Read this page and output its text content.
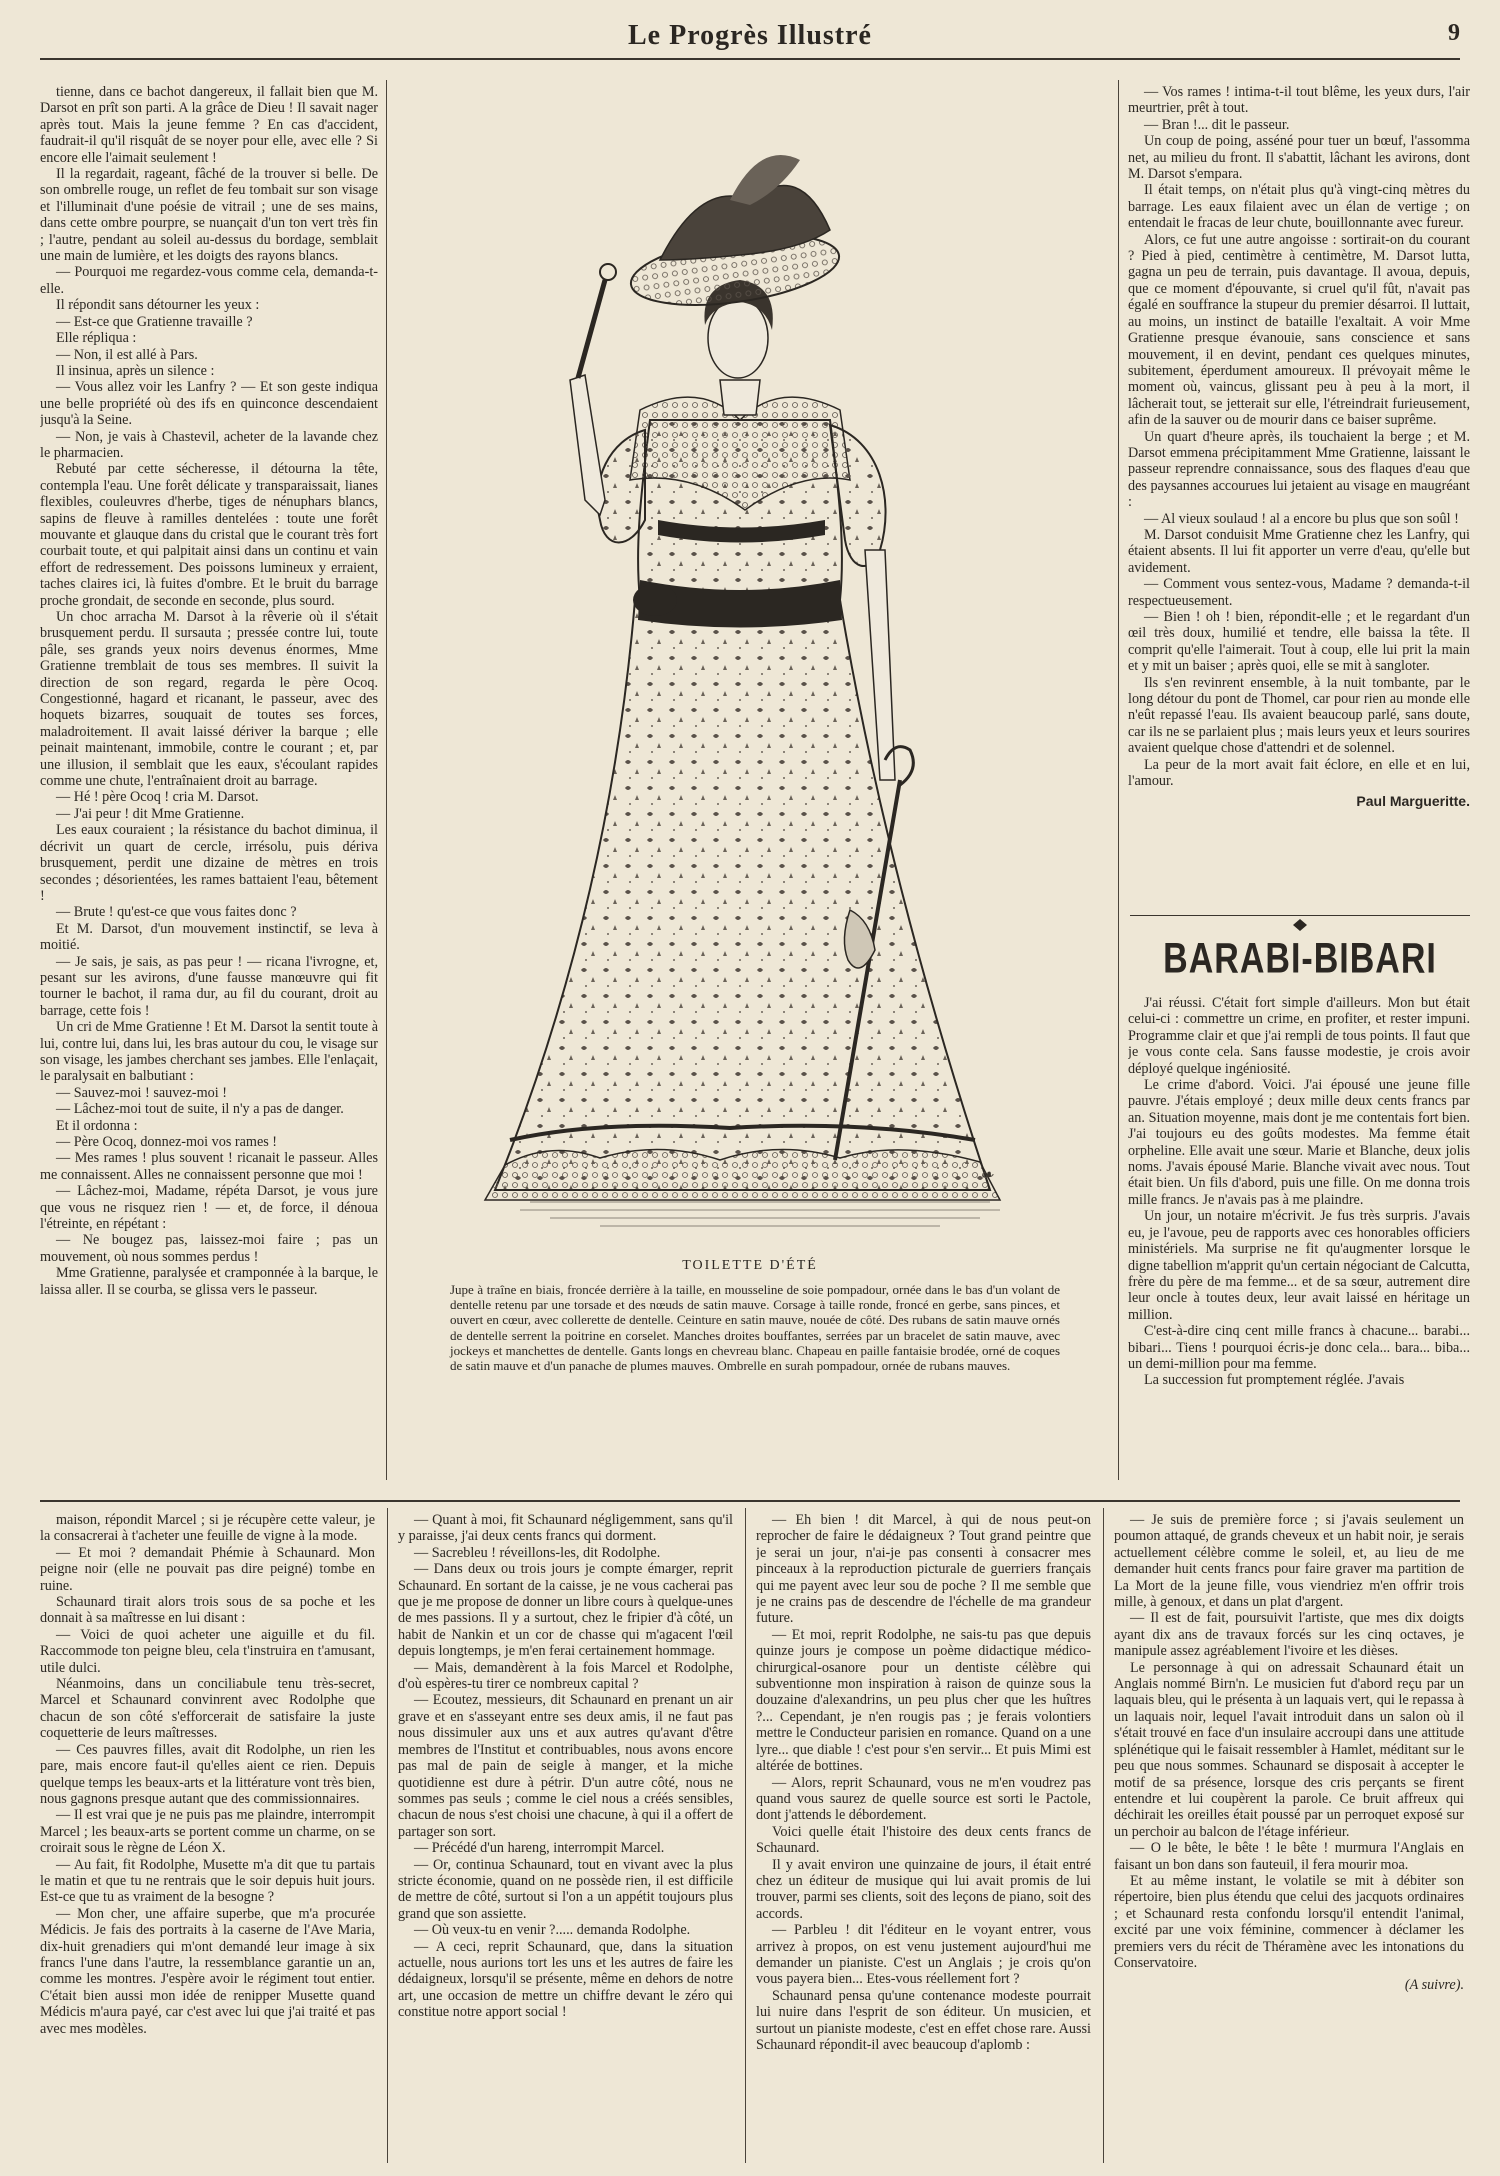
Le Progrès Illustré	9

tienne, dans ce bachot dangereux, il fallait bien que M. Darsot en prît son parti. A la grâce de Dieu ! Il savait nager après tout. Mais la jeune femme ? En cas d'accident, faudrait-il qu'il risquât de se noyer pour elle, avec elle ? Si encore elle l'aimait seulement !

Il la regardait, rageant, fâché de la trouver si belle. De son ombrelle rouge, un reflet de feu tombait sur son visage et l'illuminait d'une poésie de vitrail ; une de ses mains, dans cette ombre pourpre, se nuançait d'un ton vert très fin ; l'autre, pendant au soleil au-dessus du bordage, semblait une main de lumière, et les doigts des rayons blancs.

— Pourquoi me regardez-vous comme cela, demanda-t-elle.

Il répondit sans détourner les yeux :

— Est-ce que Gratienne travaille ?

Elle répliqua :

— Non, il est allé à Pars.

Il insinua, après un silence :

— Vous allez voir les Lanfry ? — Et son geste indiqua une belle propriété où des ifs en quinconce descendaient jusqu'à la Seine.

— Non, je vais à Chastevil, acheter de la lavande chez le pharmacien.

Rebuté par cette sécheresse, il détourna la tête, contempla l'eau. Une forêt délicate y transparaissait, lianes flexibles, couleuvres d'herbe, tiges de nénuphars blancs, sapins de fleuve à ramilles dentelées : toute une forêt mouvante et glauque dans du cristal que le courant très fort courbait toute, et qui palpitait ainsi dans un continu et vain effort de redressement. Des poissons lumineux y erraient, taches claires ici, là fuites d'ombre. Et le bruit du barrage proche grondait, de seconde en seconde, plus sourd.

Un choc arracha M. Darsot à la rêverie où il s'était brusquement perdu. Il sursauta ; pressée contre lui, toute pâle, ses grands yeux noirs devenus énormes, Mme Gratienne tremblait de tous ses membres. Il suivit la direction de son regard, regarda le père Ocoq. Congestionné, hagard et ricanant, le passeur, avec des hoquets bizarres, souquait de toutes ses forces, maladroitement. Il avait laissé dériver la barque ; elle peinait maintenant, immobile, contre le courant ; et, par une illusion, il semblait que les eaux, s'écoulant rapides comme une chute, l'entraînaient droit au barrage.

— Hé ! père Ocoq ! cria M. Darsot.

— J'ai peur ! dit Mme Gratienne.

Les eaux couraient ; la résistance du bachot diminua, il décrivit un quart de cercle, irrésolu, puis dériva brusquement, perdit une dizaine de mètres en trois secondes ; désorientées, les rames battaient l'eau, bêtement !

— Brute ! qu'est-ce que vous faites donc ?

Et M. Darsot, d'un mouvement instinctif, se leva à moitié.

— Je sais, je sais, as pas peur ! — ricana l'ivrogne, et, pesant sur les avirons, d'une fausse manœuvre qui fit tourner le bachot, il rama dur, au fil du courant, droit au barrage, cette fois !

Un cri de Mme Gratienne ! Et M. Darsot la sentit toute à lui, contre lui, dans lui, les bras autour du cou, le visage sur son visage, les jambes cherchant ses jambes. Elle l'enlaçait, le paralysait en balbutiant :

— Sauvez-moi ! sauvez-moi !

— Lâchez-moi tout de suite, il n'y a pas de danger.

Et il ordonna :

— Père Ocoq, donnez-moi vos rames !

— Mes rames ! plus souvent ! ricanait le passeur. Alles me connaissent. Alles ne connaissent personne que moi !

— Lâchez-moi, Madame, répéta Darsot, je vous jure que vous ne risquez rien ! — et, de force, il dénoua l'étreinte, en répétant :

— Ne bougez pas, laissez-moi faire ; pas un mouvement, où nous sommes perdus !

Mme Gratienne, paralysée et cramponnée à la barque, le laissa aller. Il se courba, se glissa vers le passeur.

❧
TOILETTE D'ÉTÉ
Jupe à traîne en biais, froncée derrière à la taille, en mousseline de soie pompadour, ornée dans le bas d'un volant de dentelle retenu par une torsade et des nœuds de satin mauve. Corsage à taille ronde, froncé en gerbe, sans pinces, et ouvert en cœur, avec collerette de dentelle. Ceinture en satin mauve, nouée de côté. Des rubans de satin mauve ornés de dentelle serrent la poitrine en corselet. Manches droites bouffantes, serrées par un bracelet de satin mauve, avec jockeys et manchettes de dentelle. Gants longs en chevreau blanc. Chapeau en paille fantaisie brodée, orné de coques de satin mauve et d'un panache de plumes mauves. Ombrelle en surah pompadour, ornée de rubans mauves.

— Vos rames ! intima-t-il tout blême, les yeux durs, l'air meurtrier, prêt à tout.

— Bran !... dit le passeur.

Un coup de poing, asséné pour tuer un bœuf, l'assomma net, au milieu du front. Il s'abattit, lâchant les avirons, dont M. Darsot s'empara.

Il était temps, on n'était plus qu'à vingt-cinq mètres du barrage. Les eaux filaient avec un élan de vertige ; on entendait le fracas de leur chute, bouillonnante avec fureur.

Alors, ce fut une autre angoisse : sortirait-on du courant ? Pied à pied, centimètre à centimètre, M. Darsot lutta, gagna un peu de terrain, puis davantage. Il avoua, depuis, que ce moment d'épouvante, si cruel qu'il fût, n'avait pas égalé en souffrance la stupeur du premier désarroi. Il luttait, au moins, un instinct de bataille l'exaltait. A voir Mme Gratienne presque évanouie, sans conscience et sans mouvement, il en devint, pendant ces quelques minutes, subitement, éperdument amoureux. Il prévoyait même le moment où, vaincus, glissant peu à peu à la mort, il lâcherait tout, se jetterait sur elle, l'étreindrait furieusement, afin de la sauver ou de mourir dans ce baiser suprême.

Un quart d'heure après, ils touchaient la berge ; et M. Darsot emmena précipitamment Mme Gratienne, laissant le passeur reprendre connaissance, sous des flaques d'eau que des paysannes accourues lui jetaient au visage en maugréant :

— Al vieux soulaud ! al a encore bu plus que son soûl !

M. Darsot conduisit Mme Gratienne chez les Lanfry, qui étaient absents. Il lui fit apporter un verre d'eau, qu'elle but avidement.

— Comment vous sentez-vous, Madame ? demanda-t-il respectueusement.

— Bien ! oh ! bien, répondit-elle ; et le regardant d'un œil très doux, humilié et tendre, elle baissa la tête. Il comprit qu'elle l'aimerait. Tout à coup, elle lui prit la main et y mit un baiser ; après quoi, elle se mit à sangloter.

Ils s'en revinrent ensemble, à la nuit tombante, par le long détour du pont de Thomel, car pour rien au monde elle n'eût repassé l'eau. Ils avaient beaucoup parlé, sans doute, car ils ne se parlaient plus ; mais leurs yeux et leurs sourires avaient quelque chose d'attendri et de solennel.

La peur de la mort avait fait éclore, en elle et en lui, l'amour.

Paul Margueritte.
BARABI-BIBARI

J'ai réussi. C'était fort simple d'ailleurs. Mon but était celui-ci : commettre un crime, en profiter, et rester impuni. Programme clair et que j'ai rempli de tous points. Il faut que je vous conte cela. Sans fausse modestie, je crois avoir déployé quelque ingéniosité.

Le crime d'abord. Voici. J'ai épousé une jeune fille pauvre. J'étais employé ; deux mille deux cents francs par an. Situation moyenne, mais dont je me contentais fort bien. J'ai toujours eu des goûts modestes. Ma femme était orpheline. Elle avait une sœur. Marie et Blanche, deux jolis noms. J'avais épousé Marie. Blanche vivait avec nous. Tout était bien. Un fils d'abord, puis une fille. On me donna trois mille francs. Je n'avais pas à me plaindre.

Un jour, un notaire m'écrivit. Je fus très surpris. J'avais eu, je l'avoue, peu de rapports avec ces honorables officiers ministériels. Ma surprise ne fit qu'augmenter lorsque le digne tabellion m'apprit qu'un certain négociant de Calcutta, frère du père de ma femme... et de sa sœur, autrement dire leur oncle à toutes deux, leur avait laissé en héritage un million.

C'est-à-dire cinq cent mille francs à chacune... barabi... bibari... Tiens ! pourquoi écris-je donc cela... bara... biba... un demi-million pour ma femme.

La succession fut promptement réglée. J'avais

maison, répondit Marcel ; si je récupère cette valeur, je la consacrerai à t'acheter une feuille de vigne à la mode.

— Et moi ? demandait Phémie à Schaunard. Mon peigne noir (elle ne pouvait pas dire peigné) tombe en ruine.

Schaunard tirait alors trois sous de sa poche et les donnait à sa maîtresse en lui disant :

— Voici de quoi acheter une aiguille et du fil. Raccommode ton peigne bleu, cela t'instruira en t'amusant, utile dulci.

Néanmoins, dans un conciliabule tenu très-secret, Marcel et Schaunard convinrent avec Rodolphe que chacun de son côté s'efforcerait de satisfaire la juste coquetterie de leurs maîtresses.

— Ces pauvres filles, avait dit Rodolphe, un rien les pare, mais encore faut-il qu'elles aient ce rien. Depuis quelque temps les beaux-arts et la littérature vont très bien, nous gagnons presque autant que des commissionnaires.

— Il est vrai que je ne puis pas me plaindre, interrompit Marcel ; les beaux-arts se portent comme un charme, on se croirait sous le règne de Léon X.

— Au fait, fit Rodolphe, Musette m'a dit que tu partais le matin et que tu ne rentrais que le soir depuis huit jours. Est-ce que tu as vraiment de la besogne ?

— Mon cher, une affaire superbe, que m'a procurée Médicis. Je fais des portraits à la caserne de l'Ave Maria, dix-huit grenadiers qui m'ont demandé leur image à six francs l'une dans l'autre, la ressemblance garantie un an, comme les montres. J'espère avoir le régiment tout entier. C'était bien aussi mon idée de renipper Musette quand Médicis m'aura payé, car c'est avec lui que j'ai traité et pas avec mes modèles.

— Quant à moi, fit Schaunard négligemment, sans qu'il y paraisse, j'ai deux cents francs qui dorment.

— Sacrebleu ! réveillons-les, dit Rodolphe.

— Dans deux ou trois jours je compte émarger, reprit Schaunard. En sortant de la caisse, je ne vous cacherai pas que je me propose de donner un libre cours à quelque-unes de mes passions. Il y a surtout, chez le fripier d'à côté, un habit de Nankin et un cor de chasse qui m'agacent l'œil depuis longtemps, je m'en ferai certainement hommage.

— Mais, demandèrent à la fois Marcel et Rodolphe, d'où espères-tu tirer ce nombreux capital ?

— Ecoutez, messieurs, dit Schaunard en prenant un air grave et en s'asseyant entre ses deux amis, il ne faut pas nous dissimuler aux uns et aux autres qu'avant d'être membres de l'Institut et contribuables, nous avons encore pas mal de pain de seigle à manger, et la miche quotidienne est dure à pétrir. D'un autre côté, nous ne sommes pas seuls ; comme le ciel nous a créés sensibles, chacun de nous s'est choisi une chacune, à qui il a offert de partager son sort.

— Précédé d'un hareng, interrompit Marcel.

— Or, continua Schaunard, tout en vivant avec la plus stricte économie, quand on ne possède rien, il est difficile de mettre de côté, surtout si l'on a un appétit toujours plus grand que son assiette.

— Où veux-tu en venir ?..... demanda Rodolphe.

— A ceci, reprit Schaunard, que, dans la situation actuelle, nous aurions tort les uns et les autres de faire les dédaigneux, lorsqu'il se présente, même en dehors de notre art, une occasion de mettre un chiffre devant le zéro qui constitue notre apport social !

— Eh bien ! dit Marcel, à qui de nous peut-on reprocher de faire le dédaigneux ? Tout grand peintre que je serai un jour, n'ai-je pas consenti à consacrer mes pinceaux à la reproduction picturale de guerriers français qui me payent avec leur sou de poche ? Il me semble que je ne crains pas de descendre de l'échelle de ma grandeur future.

— Et moi, reprit Rodolphe, ne sais-tu pas que depuis quinze jours je compose un poème didactique médico-chirurgical-osanore pour un dentiste célèbre qui subventionne mon inspiration à raison de quinze sous la douzaine d'alexandrins, un peu plus cher que les huîtres ?... Cependant, je n'en rougis pas ; je ferais volontiers mettre le Conducteur parisien en romance. Quand on a une lyre... que diable ! c'est pour s'en servir... Et puis Mimi est altérée de bottines.

— Alors, reprit Schaunard, vous ne m'en voudrez pas quand vous saurez de quelle source est sorti le Pactole, dont j'attends le débordement.

Voici quelle était l'histoire des deux cents francs de Schaunard.

Il y avait environ une quinzaine de jours, il était entré chez un éditeur de musique qui lui avait promis de lui trouver, parmi ses clients, soit des leçons de piano, soit des accords.

— Parbleu ! dit l'éditeur en le voyant entrer, vous arrivez à propos, on est venu justement aujourd'hui me demander un pianiste. C'est un Anglais ; je crois qu'on vous payera bien... Etes-vous réellement fort ?

Schaunard pensa qu'une contenance modeste pourrait lui nuire dans l'esprit de son éditeur. Un musicien, et surtout un pianiste modeste, c'est en effet chose rare. Aussi Schaunard répondit-il avec beaucoup d'aplomb :

— Je suis de première force ; si j'avais seulement un poumon attaqué, de grands cheveux et un habit noir, je serais actuellement célèbre comme le soleil, et, au lieu de me demander huit cents francs pour faire graver ma partition de La Mort de la jeune fille, vous viendriez m'en offrir trois mille, à genoux, et dans un plat d'argent.

— Il est de fait, poursuivit l'artiste, que mes dix doigts ayant dix ans de travaux forcés sur les cinq octaves, je manipule assez agréablement l'ivoire et les dièses.

Le personnage à qui on adressait Schaunard était un Anglais nommé Birn'n. Le musicien fut d'abord reçu par un laquais bleu, qui le présenta à un laquais vert, qui le repassa à un laquais noir, lequel l'avait introduit dans un salon où il s'était trouvé en face d'un insulaire accroupi dans une attitude splénétique qui le faisait ressembler à Hamlet, méditant sur le peu que nous sommes. Schaunard se disposait à accepter le motif de sa présence, lorsque des cris perçants se firent entendre et lui coupèrent la parole. Ce bruit affreux qui déchirait les oreilles était poussé par un perroquet exposé sur un perchoir au balcon de l'étage inférieur.

— O le bête, le bête ! le bête ! murmura l'Anglais en faisant un bon dans son fauteuil, il fera mourir moa.

Et au même instant, le volatile se mit à débiter son répertoire, bien plus étendu que celui des jacquots ordinaires ; et Schaunard resta confondu lorsqu'il entendit l'animal, excité par une voix féminine, commencer à déclamer les premiers vers du récit de Théramène avec les intonations du Conservatoire.

(A suivre).
